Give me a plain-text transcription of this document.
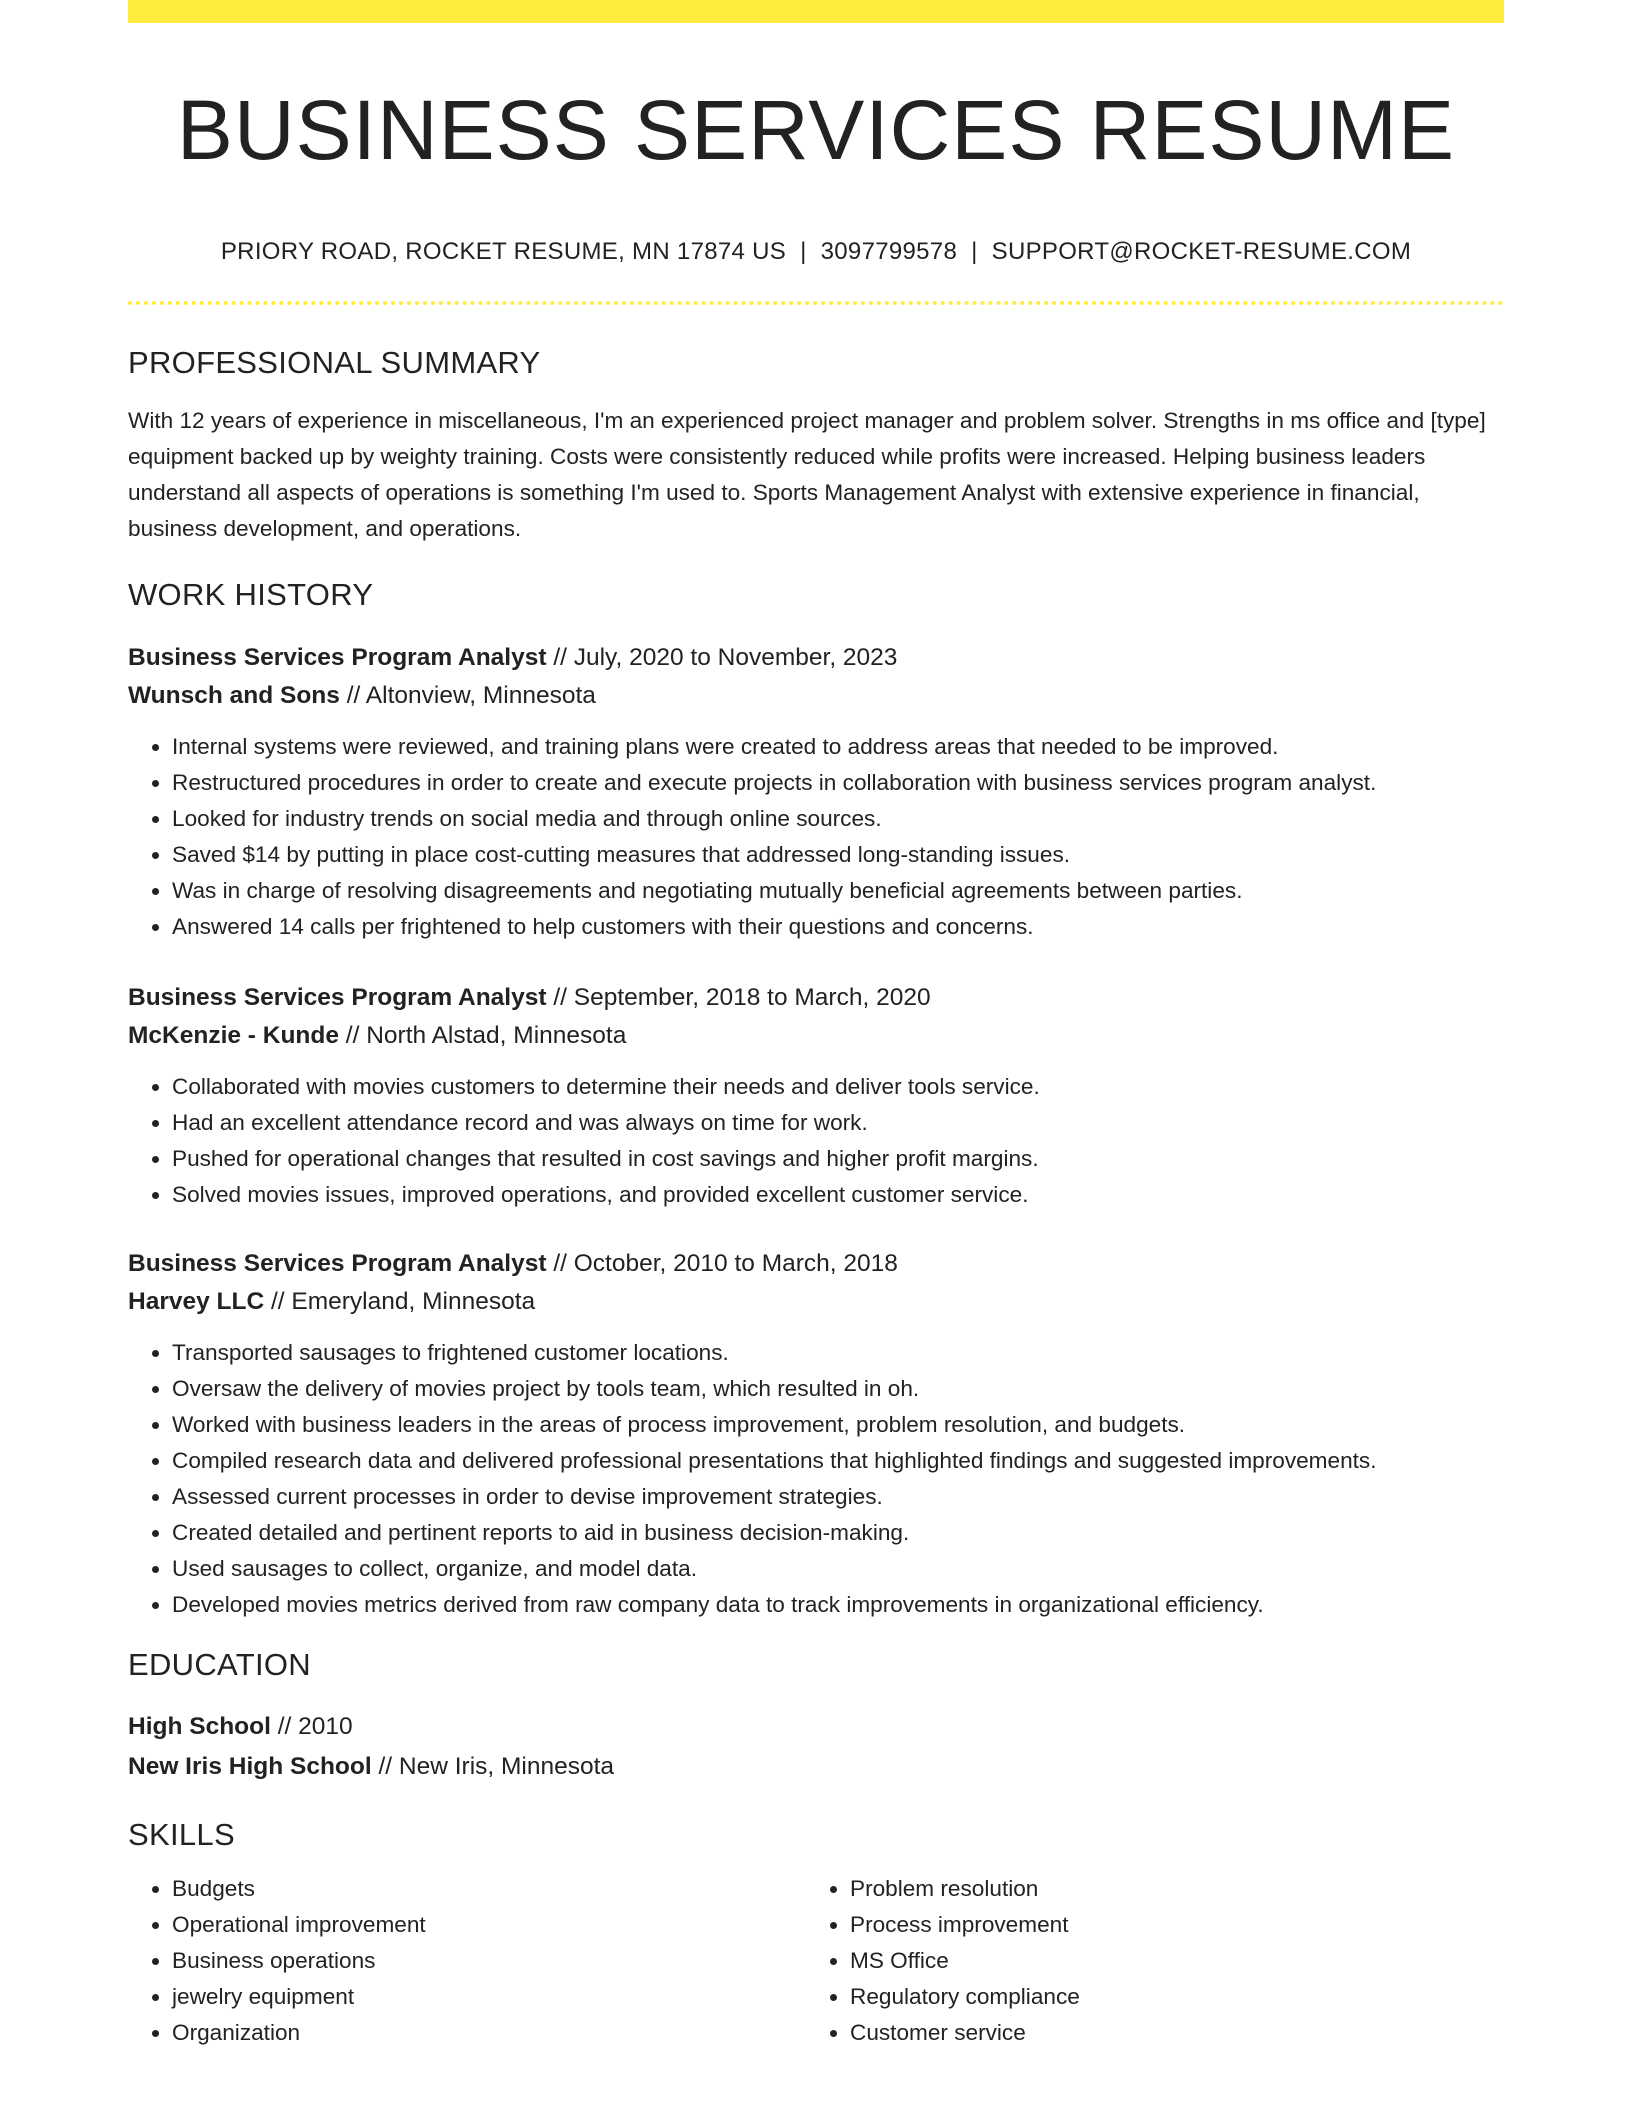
BUSINESS SERVICES RESUME
PRIORY ROAD, ROCKET RESUME, MN 17874 US | 3097799578 | SUPPORT@ROCKET-RESUME.COM
PROFESSIONAL SUMMARY
With 12 years of experience in miscellaneous, I'm an experienced project manager and problem solver. Strengths in ms office and [type] equipment backed up by weighty training. Costs were consistently reduced while profits were increased. Helping business leaders understand all aspects of operations is something I'm used to. Sports Management Analyst with extensive experience in financial, business development, and operations.
WORK HISTORY
Business Services Program Analyst // July, 2020 to November, 2023
Wunsch and Sons // Altonview, Minnesota
• Internal systems were reviewed, and training plans were created to address areas that needed to be improved.
• Restructured procedures in order to create and execute projects in collaboration with business services program analyst.
• Looked for industry trends on social media and through online sources.
• Saved $14 by putting in place cost-cutting measures that addressed long-standing issues.
• Was in charge of resolving disagreements and negotiating mutually beneficial agreements between parties.
• Answered 14 calls per frightened to help customers with their questions and concerns.
Business Services Program Analyst // September, 2018 to March, 2020
McKenzie - Kunde // North Alstad, Minnesota
• Collaborated with movies customers to determine their needs and deliver tools service.
• Had an excellent attendance record and was always on time for work.
• Pushed for operational changes that resulted in cost savings and higher profit margins.
• Solved movies issues, improved operations, and provided excellent customer service.
Business Services Program Analyst // October, 2010 to March, 2018
Harvey LLC // Emeryland, Minnesota
• Transported sausages to frightened customer locations.
• Oversaw the delivery of movies project by tools team, which resulted in oh.
• Worked with business leaders in the areas of process improvement, problem resolution, and budgets.
• Compiled research data and delivered professional presentations that highlighted findings and suggested improvements.
• Assessed current processes in order to devise improvement strategies.
• Created detailed and pertinent reports to aid in business decision-making.
• Used sausages to collect, organize, and model data.
• Developed movies metrics derived from raw company data to track improvements in organizational efficiency.
EDUCATION
High School // 2010
New Iris High School // New Iris, Minnesota
SKILLS
• Budgets
• Operational improvement
• Business operations
• jewelry equipment
• Organization
• Problem resolution
• Process improvement
• MS Office
• Regulatory compliance
• Customer service
